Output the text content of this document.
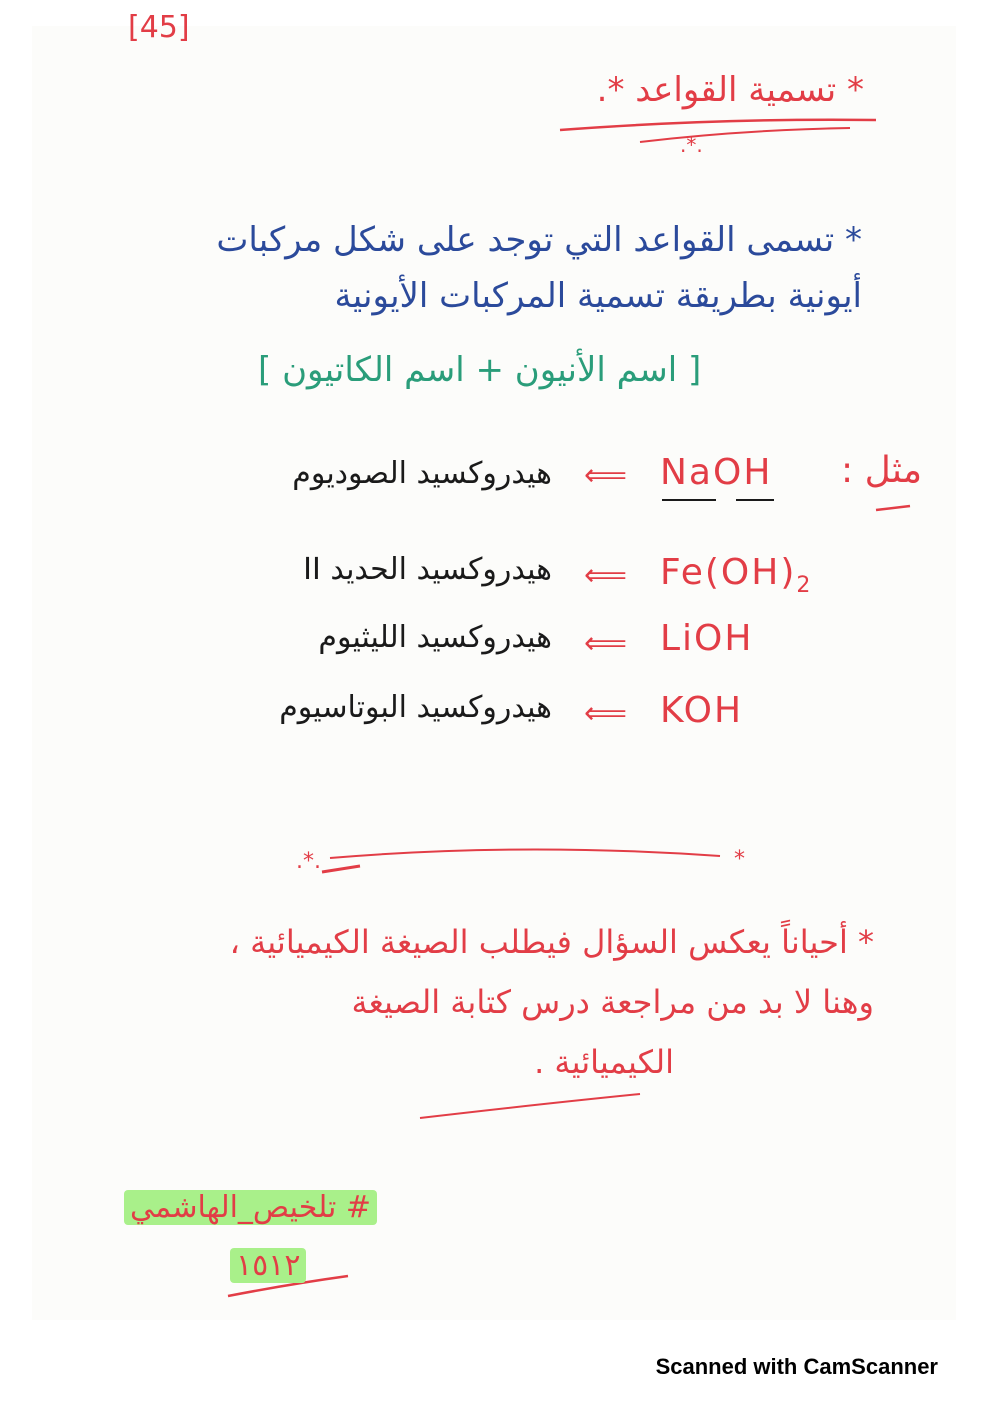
.*.	*
.*.
[45]
* تسمية القواعد *.
* تسمى القواعد التي توجد على شكل مركبات
أيونية بطريقة تسمية المركبات الأيونية
[ اسم الأنيون + اسم الكاتيون ]
مثل :
NaOH
⟸
هيدروكسيد الصوديوم
$Fe(OH)_2$
⟸
هيدروكسيد الحديد II
LiOH
⟸
هيدروكسيد الليثيوم
KOH
⟸
هيدروكسيد البوتاسيوم
* أحياناً يعكس السؤال فيطلب الصيغة الكيميائية ،
وهنا لا بد من مراجعة درس كتابة الصيغة
الكيميائية .
# تلخيص_الهاشمي
١٥١٢
Scanned with CamScanner
